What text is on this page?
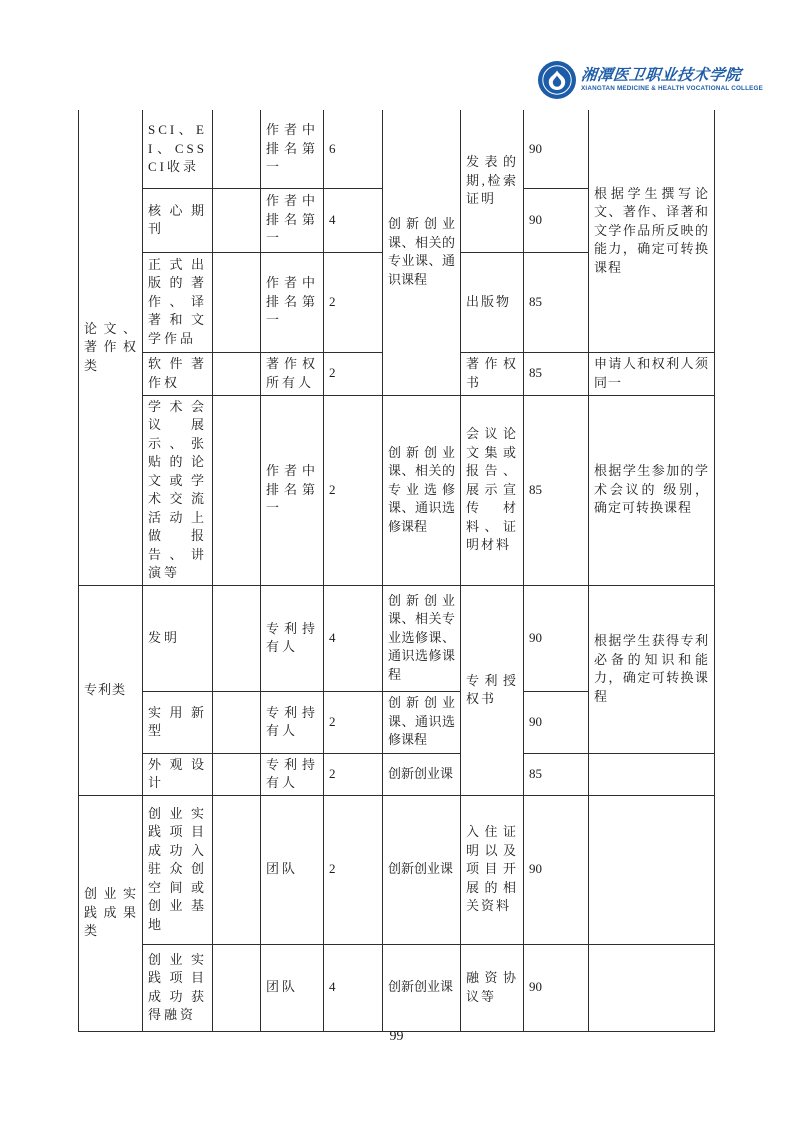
湘潭医卫职业技术学院
XIANGTAN MEDICINE & HEALTH VOCATIONAL COLLEGE
论文、著作权类	SCI、EI、CSSCI收录		作者中排名第一	6	创新创业课、相关的专业课、通识课程	发表的期,检索证明	90	根据学生撰写论文、著作、译著和文学作品所反映的能力，确定可转换课程
	核心期刊		作者中排名第一	4			90	
	正式出版的著作、译著和文学作品		作者中排名第一	2		出版物	85	
	软件著作权		著作权所有人	2		著作权书	85	申请人和权利人须同一
	学术会议展示、张贴的论文或学术交流活动上做报告、讲演等		作者中排名第一	2	创新创业课、相关的专业选修课、通识选修课程	会议论文集或报告、展示宣传材料、证明材料	85	根据学生参加的学术会议的 级别，确定可转换课程
专利类	发明		专利持有人	4	创新创业课、相关专业选修课、通识选修课程	专利授权书	90	根据学生获得专利必备的知识和能力，确定可转换课程
	实用新型		专利持有人	2	创新创业课、通识选修课程		90	
	外观设计		专利持有人	2	创新创业课		85	
创业实践成果类	创业实践项目成功入驻众创空间或创业基地		团队	2	创新创业课	入住证明以及项目开展的相关资料	90	
	创业实践项目成功获得融资		团队	4	创新创业课	融资协议等	90	
99
